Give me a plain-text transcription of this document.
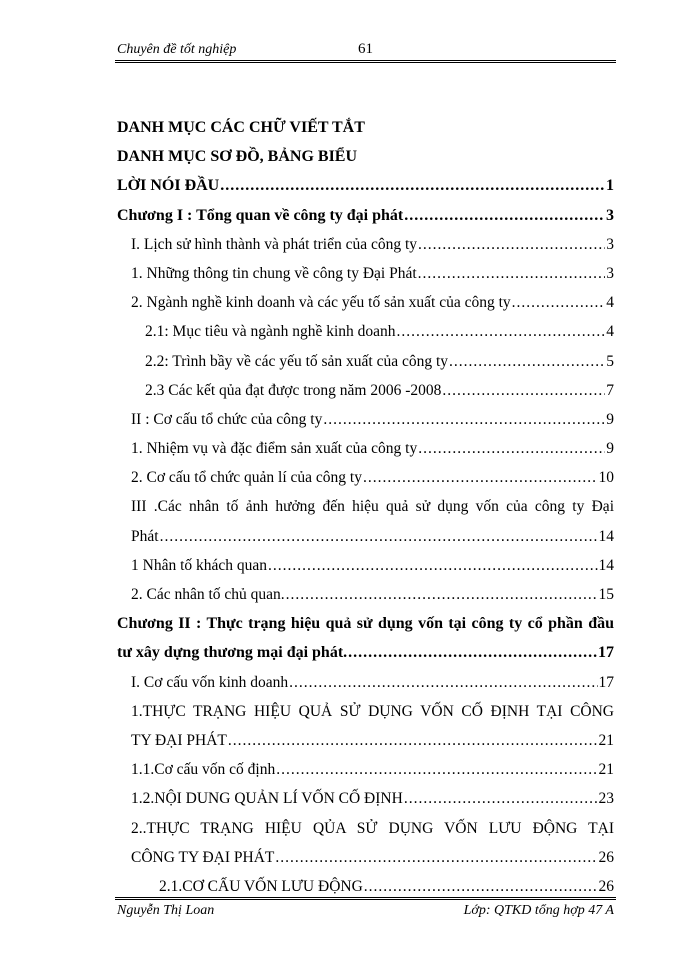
Chuyên đề tốt nghiệp	61
DANH MỤC CÁC CHỮ VIẾT TẮT
DANH MỤC SƠ ĐỒ, BẢNG BIỂU
LỜI NÓI ĐẦU .....	1
Chương I : Tổng quan về công ty đại phát .....	3
I. Lịch sử hình thành và phát triển của công ty .....	3
1. Những thông tin chung về công ty Đại Phát .....	3
2. Ngành nghề kinh doanh và các yếu tố sản xuất của công ty .....	4
2.1: Mục tiêu và ngành nghề kinh doanh .....	4
2.2: Trình bầy về các yếu tố sản xuất của công ty .....	5
2.3 Các kết qủa đạt được trong năm 2006 -2008 .....	7
II : Cơ cấu tổ chức của công ty .....	9
1. Nhiệm vụ và đặc điểm sản xuất của công ty .....	9
2. Cơ cấu tổ chức quản lí của công ty .....	10
III .Các nhân tố ảnh hưởng đến hiệu quả sử dụng vốn của công ty Đại
Phát .....	14
1 Nhân tố khách quan .....	14
2. Các nhân tố chủ quan. .....	15
Chương II : Thực trạng hiệu quả sử dụng vốn tại công ty cổ phần đầu
tư xây dựng thương mại đại phát. .....	17
I. Cơ cấu vốn kinh doanh .....	17
1.THỰC TRẠNG HIỆU QUẢ SỬ DỤNG VỐN CỐ ĐỊNH TẠI CÔNG
TY ĐẠI PHÁT .....	21
1.1.Cơ cấu vốn cố định .....	21
1.2.NỘI DUNG QUẢN LÍ VỐN CỐ ĐỊNH .....	23
2..THỰC TRẠNG HIỆU QỦA SỬ DỤNG VỐN LƯU ĐỘNG TẠI
CÔNG TY ĐẠI PHÁT .....	26
2.1.CƠ CẤU VỐN LƯU ĐỘNG .....	26
Nguyễn Thị Loan	Lớp: QTKD tổng hợp 47 A
